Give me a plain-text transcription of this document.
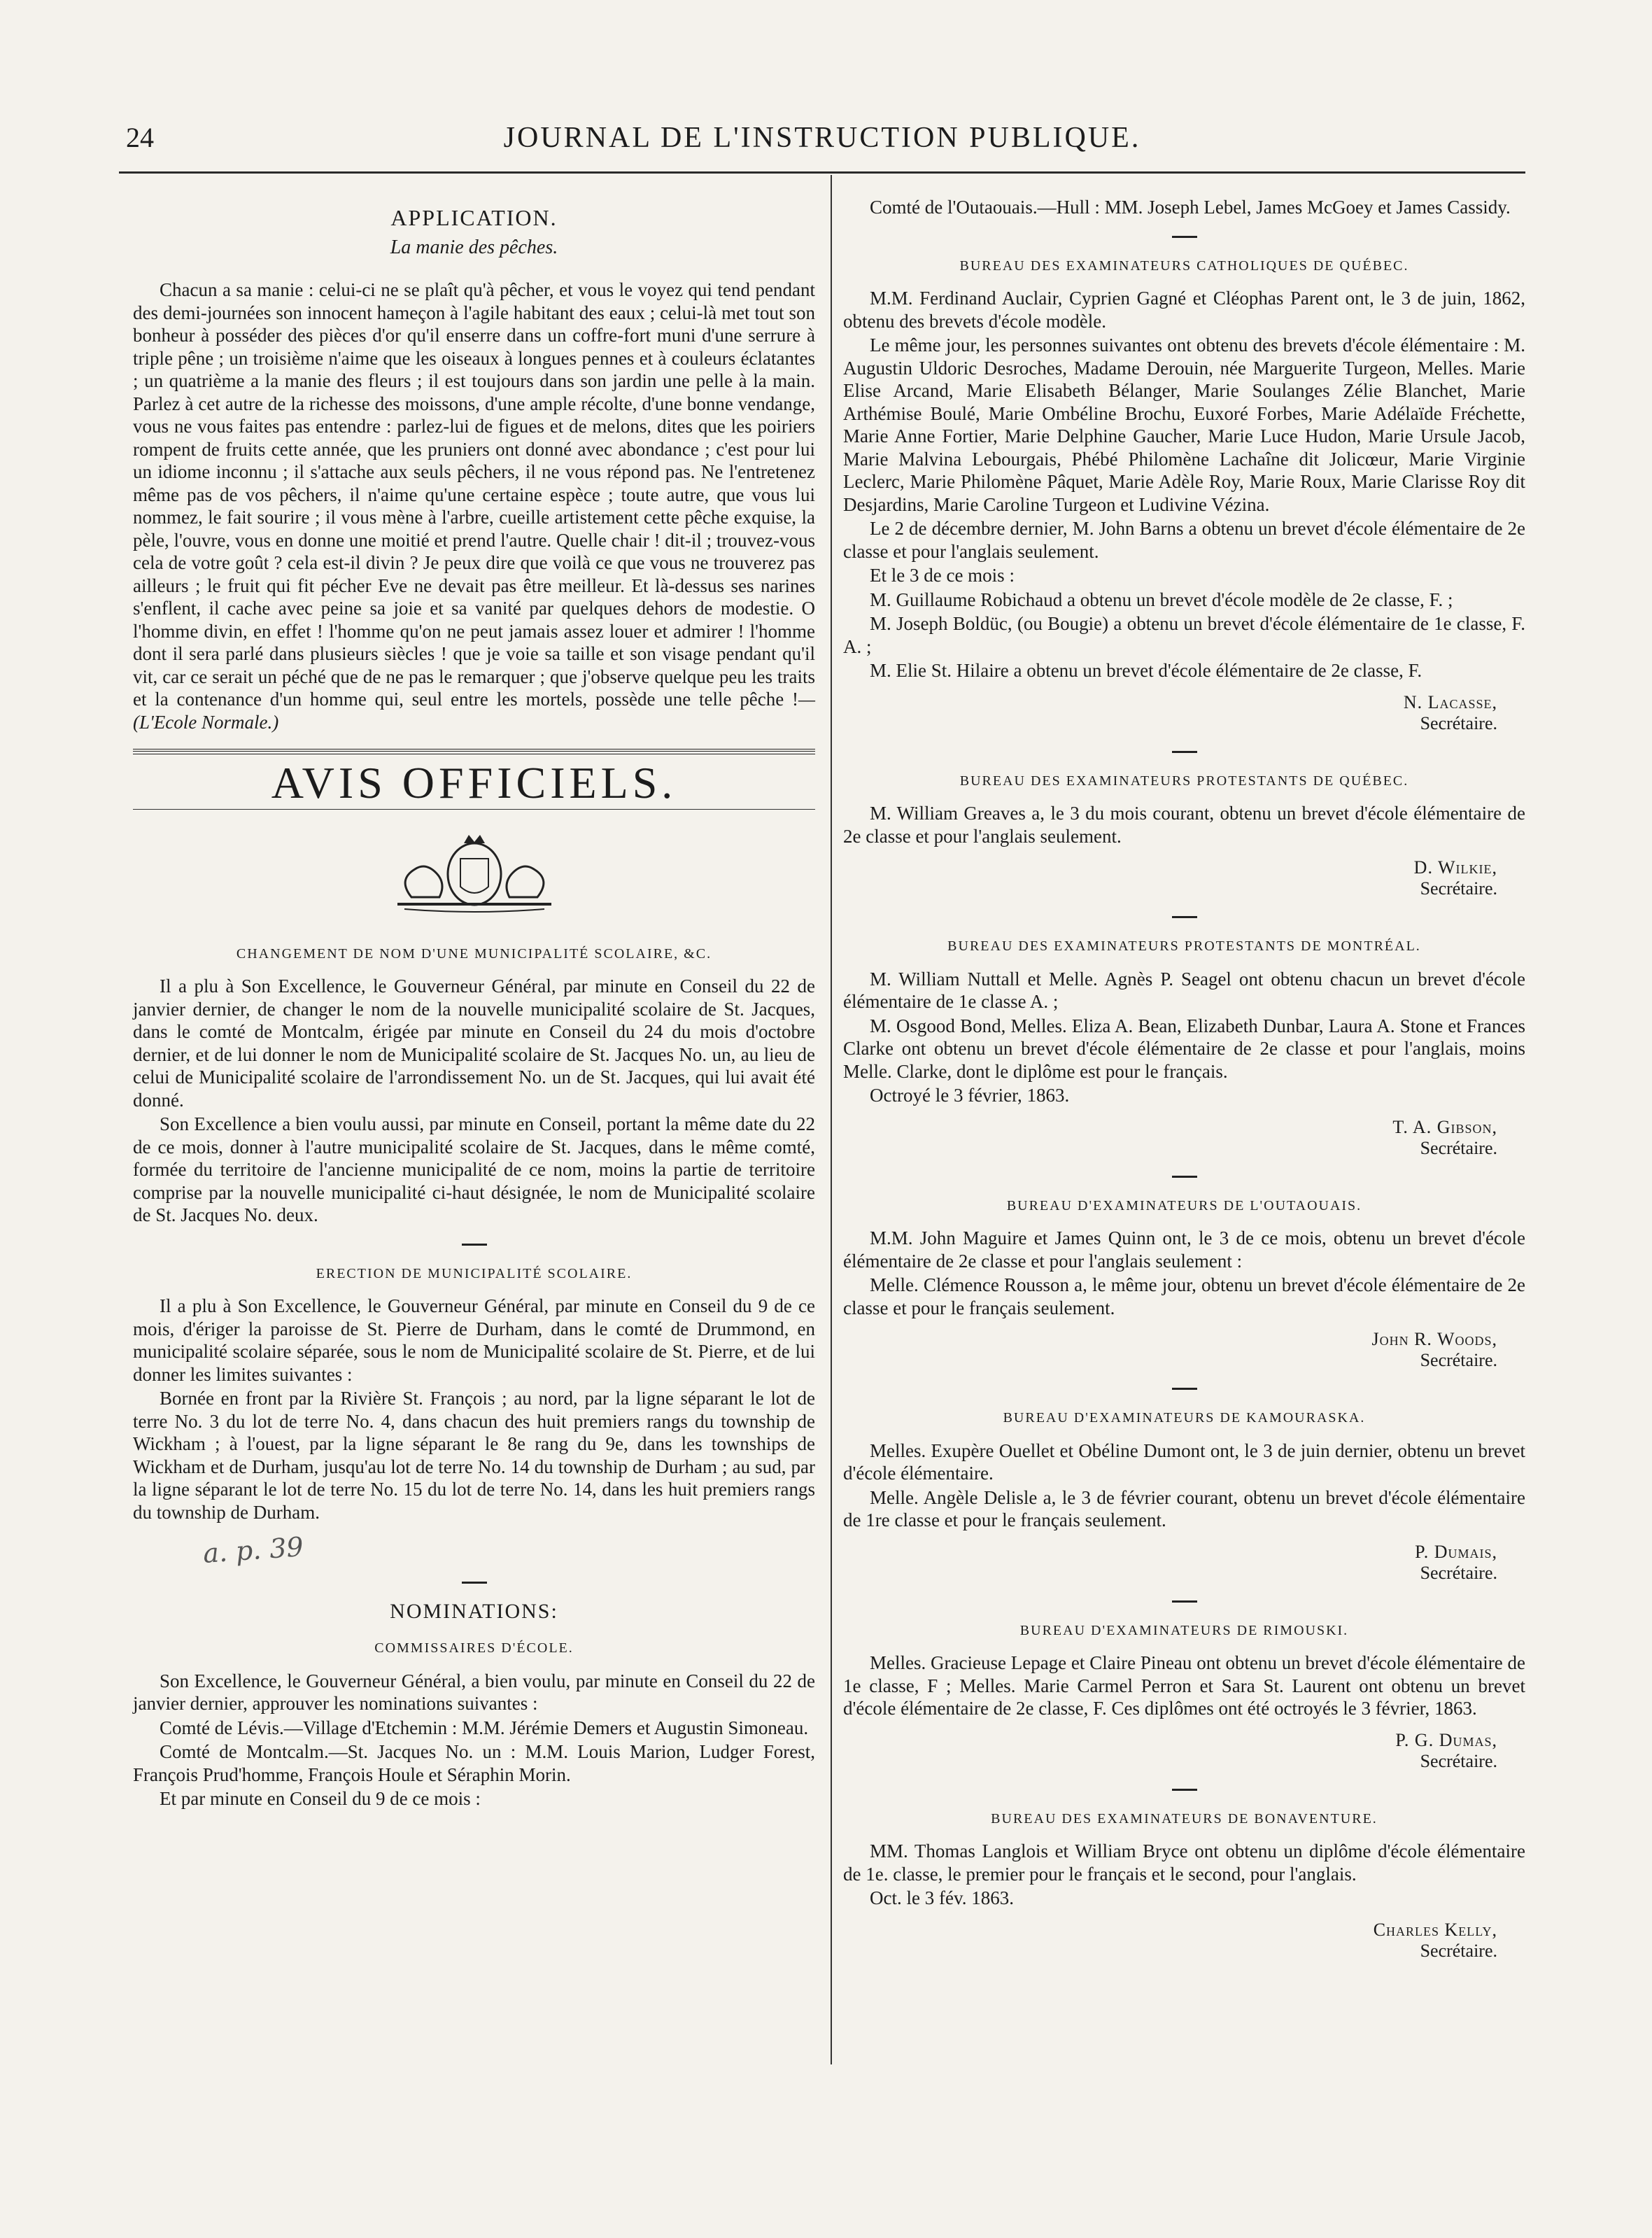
24	JOURNAL DE L'INSTRUCTION PUBLIQUE.
APPLICATION.
La manie des pêches.

Chacun a sa manie : celui-ci ne se plaît qu'à pêcher, et vous le voyez qui tend pendant des demi-journées son innocent hameçon à l'agile habitant des eaux ; celui-là met tout son bonheur à posséder des pièces d'or qu'il enserre dans un coffre-fort muni d'une serrure à triple pêne ; un troisième n'aime que les oiseaux à longues pennes et à couleurs éclatantes ; un quatrième a la manie des fleurs ; il est toujours dans son jardin une pelle à la main. Parlez à cet autre de la richesse des moissons, d'une ample récolte, d'une bonne vendange, vous ne vous faites pas entendre : parlez-lui de figues et de melons, dites que les poiriers rompent de fruits cette année, que les pruniers ont donné avec abondance ; c'est pour lui un idiome inconnu ; il s'attache aux seuls pêchers, il ne vous répond pas. Ne l'entretenez même pas de vos pêchers, il n'aime qu'une certaine espèce ; toute autre, que vous lui nommez, le fait sourire ; il vous mène à l'arbre, cueille artistement cette pêche exquise, la pèle, l'ouvre, vous en donne une moitié et prend l'autre. Quelle chair ! dit-il ; trouvez-vous cela de votre goût ? cela est-il divin ? Je peux dire que voilà ce que vous ne trouverez pas ailleurs ; le fruit qui fit pécher Eve ne devait pas être meilleur. Et là-dessus ses narines s'enflent, il cache avec peine sa joie et sa vanité par quelques dehors de modestie. O l'homme divin, en effet ! l'homme qu'on ne peut jamais assez louer et admirer ! l'homme dont il sera parlé dans plusieurs siècles ! que je voie sa taille et son visage pendant qu'il vit, car ce serait un péché que de ne pas le remarquer ; que j'observe quelque peu les traits et la contenance d'un homme qui, seul entre les mortels, possède une telle pêche !—(L'Ecole Normale.)

AVIS OFFICIELS.
CHANGEMENT DE NOM D'UNE MUNICIPALITÉ SCOLAIRE, &C.

Il a plu à Son Excellence, le Gouverneur Général, par minute en Conseil du 22 de janvier dernier, de changer le nom de la nouvelle municipalité scolaire de St. Jacques, dans le comté de Montcalm, érigée par minute en Conseil du 24 du mois d'octobre dernier, et de lui donner le nom de Municipalité scolaire de St. Jacques No. un, au lieu de celui de Municipalité scolaire de l'arrondissement No. un de St. Jacques, qui lui avait été donné.

Son Excellence a bien voulu aussi, par minute en Conseil, portant la même date du 22 de ce mois, donner à l'autre municipalité scolaire de St. Jacques, dans le même comté, formée du territoire de l'ancienne municipalité de ce nom, moins la partie de territoire comprise par la nouvelle municipalité ci-haut désignée, le nom de Municipalité scolaire de St. Jacques No. deux.

ERECTION DE MUNICIPALITÉ SCOLAIRE.

Il a plu à Son Excellence, le Gouverneur Général, par minute en Conseil du 9 de ce mois, d'ériger la paroisse de St. Pierre de Durham, dans le comté de Drummond, en municipalité scolaire séparée, sous le nom de Municipalité scolaire de St. Pierre, et de lui donner les limites suivantes :

Bornée en front par la Rivière St. François ; au nord, par la ligne séparant le lot de terre No. 3 du lot de terre No. 4, dans chacun des huit premiers rangs du township de Wickham ; à l'ouest, par la ligne séparant le 8e rang du 9e, dans les townships de Wickham et de Durham, jusqu'au lot de terre No. 14 du township de Durham ; au sud, par la ligne séparant le lot de terre No. 15 du lot de terre No. 14, dans les huit premiers rangs du township de Durham.

a. p. 39
NOMINATIONS:
COMMISSAIRES D'ÉCOLE.

Son Excellence, le Gouverneur Général, a bien voulu, par minute en Conseil du 22 de janvier dernier, approuver les nominations suivantes :

Comté de Lévis.—Village d'Etchemin : M.M. Jérémie Demers et Augustin Simoneau.

Comté de Montcalm.—St. Jacques No. un : M.M. Louis Marion, Ludger Forest, François Prud'homme, François Houle et Séraphin Morin.

Et par minute en Conseil du 9 de ce mois :

Comté de l'Outaouais.—Hull : MM. Joseph Lebel, James McGoey et James Cassidy.

BUREAU DES EXAMINATEURS CATHOLIQUES DE QUÉBEC.

M.M. Ferdinand Auclair, Cyprien Gagné et Cléophas Parent ont, le 3 de juin, 1862, obtenu des brevets d'école modèle.

Le même jour, les personnes suivantes ont obtenu des brevets d'école élémentaire : M. Augustin Uldoric Desroches, Madame Derouin, née Marguerite Turgeon, Melles. Marie Elise Arcand, Marie Elisabeth Bélanger, Marie Soulanges Zélie Blanchet, Marie Arthémise Boulé, Marie Ombéline Brochu, Euxoré Forbes, Marie Adélaïde Fréchette, Marie Anne Fortier, Marie Delphine Gaucher, Marie Luce Hudon, Marie Ursule Jacob, Marie Malvina Lebourgais, Phébé Philomène Lachaîne dit Jolicœur, Marie Virginie Leclerc, Marie Philomène Pâquet, Marie Adèle Roy, Marie Roux, Marie Clarisse Roy dit Desjardins, Marie Caroline Turgeon et Ludivine Vézina.

Le 2 de décembre dernier, M. John Barns a obtenu un brevet d'école élémentaire de 2e classe et pour l'anglais seulement.

Et le 3 de ce mois :

M. Guillaume Robichaud a obtenu un brevet d'école modèle de 2e classe, F. ;

M. Joseph Boldüc, (ou Bougie) a obtenu un brevet d'école élémentaire de 1e classe, F. A. ;

M. Elie St. Hilaire a obtenu un brevet d'école élémentaire de 2e classe, F.

N. Lacasse,
Secrétaire.
BUREAU DES EXAMINATEURS PROTESTANTS DE QUÉBEC.

M. William Greaves a, le 3 du mois courant, obtenu un brevet d'école élémentaire de 2e classe et pour l'anglais seulement.

D. Wilkie,
Secrétaire.
BUREAU DES EXAMINATEURS PROTESTANTS DE MONTRÉAL.

M. William Nuttall et Melle. Agnès P. Seagel ont obtenu chacun un brevet d'école élémentaire de 1e classe A. ;

M. Osgood Bond, Melles. Eliza A. Bean, Elizabeth Dunbar, Laura A. Stone et Frances Clarke ont obtenu un brevet d'école élémentaire de 2e classe et pour l'anglais, moins Melle. Clarke, dont le diplôme est pour le français.

Octroyé le 3 février, 1863.

T. A. Gibson,
Secrétaire.
BUREAU D'EXAMINATEURS DE L'OUTAOUAIS.

M.M. John Maguire et James Quinn ont, le 3 de ce mois, obtenu un brevet d'école élémentaire de 2e classe et pour l'anglais seulement :

Melle. Clémence Rousson a, le même jour, obtenu un brevet d'école élémentaire de 2e classe et pour le français seulement.

John R. Woods,
Secrétaire.
BUREAU D'EXAMINATEURS DE KAMOURASKA.

Melles. Exupère Ouellet et Obéline Dumont ont, le 3 de juin dernier, obtenu un brevet d'école élémentaire.

Melle. Angèle Delisle a, le 3 de février courant, obtenu un brevet d'école élémentaire de 1re classe et pour le français seulement.

P. Dumais,
Secrétaire.
BUREAU D'EXAMINATEURS DE RIMOUSKI.

Melles. Gracieuse Lepage et Claire Pineau ont obtenu un brevet d'école élémentaire de 1e classe, F ; Melles. Marie Carmel Perron et Sara St. Laurent ont obtenu un brevet d'école élémentaire de 2e classe, F. Ces diplômes ont été octroyés le 3 février, 1863.

P. G. Dumas,
Secrétaire.
BUREAU DES EXAMINATEURS DE BONAVENTURE.

MM. Thomas Langlois et William Bryce ont obtenu un diplôme d'école élémentaire de 1e. classe, le premier pour le français et le second, pour l'anglais.

Oct. le 3 fév. 1863.

Charles Kelly,
Secrétaire.
